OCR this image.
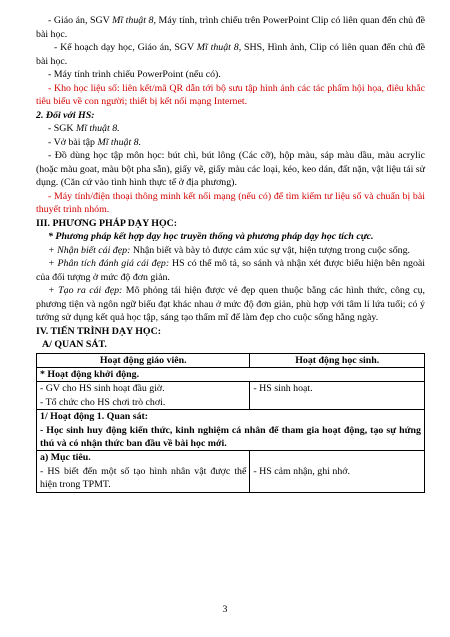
- Giáo án, SGV Mĩ thuật 8, Máy tính, trình chiếu trên PowerPoint Clip có liên quan đến chủ đề bài học.

- Kế hoạch dạy học, Giáo án, SGV Mĩ thuật 8, SHS, Hình ảnh, Clip có liên quan đến chủ đề bài học.

- Máy tính trình chiếu PowerPoint (nếu có).

- Kho học liệu số: liên kết/mã QR dẫn tới bộ sưu tập hình ảnh các tác phẩm hội họa, điêu khắc tiêu biểu về con người; thiết bị kết nối mạng Internet.

2. Đối với HS:

- SGK Mĩ thuật 8.

- Vở bài tập Mĩ thuật 8.

- Đồ dùng học tập môn học: bút chì, bút lông (Các cỡ), hộp màu, sáp màu dầu, màu acrylic (hoặc màu goat, màu bột pha sẵn), giấy vẽ, giấy màu các loại, kéo, keo dán, đất nặn, vật liệu tái sử dụng. (Căn cứ vào tình hình thực tế ở địa phương).

- Máy tính/điện thoại thông minh kết nối mạng (nếu có) để tìm kiếm tư liệu số và chuẩn bị bài thuyết trình nhóm.

III. PHƯƠNG PHÁP DẠY HỌC:

* Phương pháp kết hợp dạy học truyền thống và phương pháp dạy học tích cực.

+ Nhận biết cái đẹp: Nhận biết và bày tỏ được cảm xúc sự vật, hiện tượng trong cuộc sống.

+ Phân tích đánh giá cái đẹp: HS có thể mô tả, so sánh và nhận xét được biểu hiện bên ngoài của đối tượng ở mức độ đơn giản.

+ Tạo ra cái đẹp: Mô phỏng tái hiện được vẻ đẹp quen thuộc bằng các hình thức, công cụ, phương tiện và ngôn ngữ biểu đạt khác nhau ở mức độ đơn giản, phù hợp với tâm lí lứa tuổi; có ý tưởng sử dụng kết quả học tập, sáng tạo thẩm mĩ để làm đẹp cho cuộc sống hằng ngày.

IV. TIẾN TRÌNH DẠY HỌC:

A/ QUAN SÁT.

Hoạt động giáo viên.	Hoạt động học sinh.
* Hoạt động khởi động.	

- GV cho HS sinh hoạt đầu giờ.
- Tổ chức cho HS chơi trò chơi.	- HS sinh hoạt.

1/ Hoạt động 1. Quan sát:
- Học sinh huy động kiến thức, kinh nghiệm cá nhân để tham gia hoạt động, tạo sự hứng thú và có nhận thức ban đầu về bài học mới.	

a) Mục tiêu.
- HS biết đến một số tạo hình nhân vật được thể hiện trong TPMT.	- HS cảm nhận, ghi nhớ.
3
